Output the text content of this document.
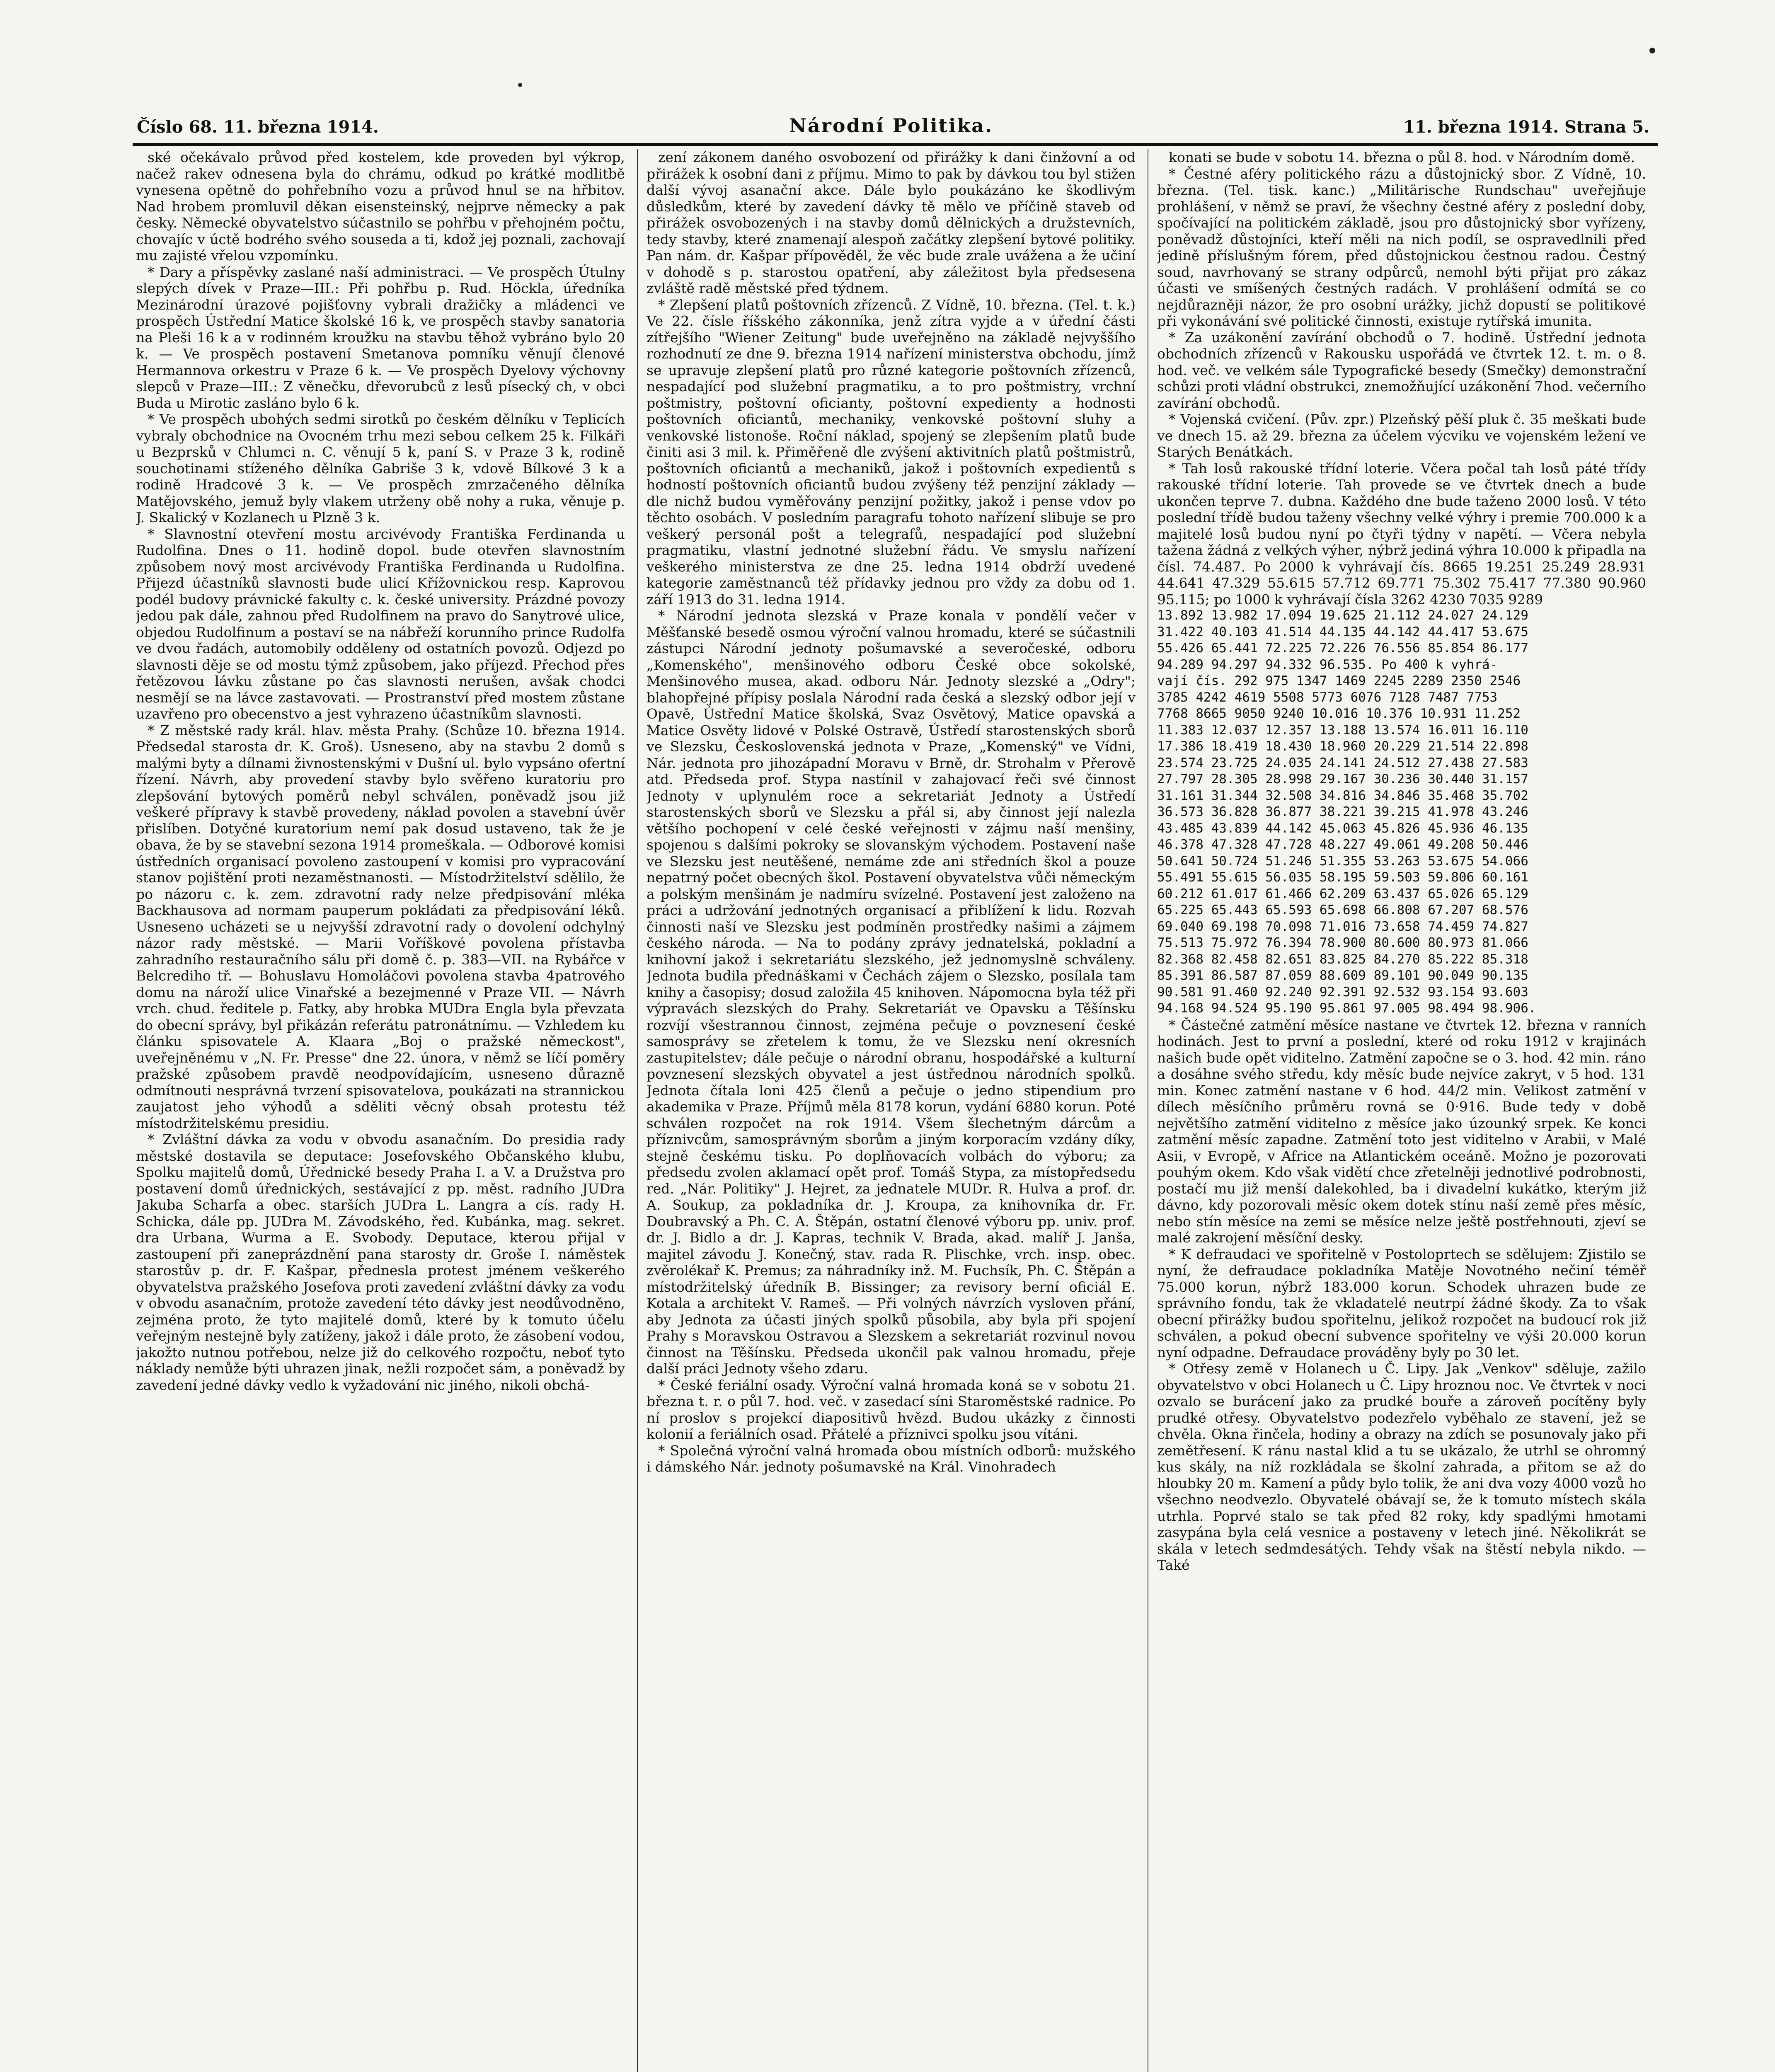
Číslo 68. 11. března 1914.	Národní Politika.	11. března 1914. Strana 5.

ské očekávalo průvod před kostelem, kde proveden byl výkrop, načež rakev odnesena byla do chrámu, odkud po krátké modlitbě vynesena opětně do pohřebního vozu a průvod hnul se na hřbitov. Nad hrobem promluvil děkan eisensteinský, nejprve německy a pak česky. Německé obyvatelstvo súčastnilo se pohřbu v přehojném počtu, chovajíc v úctě bodrého svého souseda a ti, kdož jej poznali, zachovají mu zajisté vřelou vzpomínku.

* Dary a příspěvky zaslané naší administraci. — Ve prospěch Útulny slepých dívek v Praze—III.: Při pohřbu p. Rud. Höckla, úředníka Mezinárodní úrazové pojišťovny vybrali dražičky a mládenci ve prospěch Ústřední Matice školské 16 k, ve prospěch stavby sanatoria na Pleši 16 k a v rodinném kroužku na stavbu těhož vybráno bylo 20 k. — Ve prospěch postavení Smetanova pomníku věnují členové Hermannova orkestru v Praze 6 k. — Ve prospěch Dyelovy výchovny slepců v Praze—III.: Z věnečku, dřevorubců z lesů písecký ch, v obci Buda u Mirotic zasláno bylo 6 k.

* Ve prospěch ubohých sedmi sirotků po českém dělníku v Teplicích vybraly obchodnice na Ovocném trhu mezi sebou celkem 25 k. Filkáři u Bezprsků v Chlumci n. C. věnují 5 k, paní S. v Praze 3 k, rodině souchotinami stíženého dělníka Gabriše 3 k, vdově Bílkové 3 k a rodině Hradcové 3 k. — Ve prospěch zmrzačeného dělníka Matějovského, jemuž byly vlakem utrženy obě nohy a ruka, věnuje p. J. Skalický v Kozlanech u Plzně 3 k.

* Slavnostní otevření mostu arcivévody Františka Ferdinanda u Rudolfina. Dnes o 11. hodině dopol. bude otevřen slavnostním způsobem nový most arcivévody Františka Ferdinanda u Rudolfina. Přijezd účastníků slavnosti bude ulicí Křížovnickou resp. Kaprovou podél budovy právnické fakulty c. k. české university. Prázdné povozy jedou pak dále, zahnou před Rudolfinem na pravo do Sanytrové ulice, objedou Rudolfinum a postaví se na nábřeží korunního prince Rudolfa ve dvou řadách, automobily odděleny od ostatních povozů. Odjezd po slavnosti děje se od mostu týmž způsobem, jako příjezd. Přechod přes řetězovou lávku zůstane po čas slavnosti nerušen, avšak chodci nesmějí se na lávce zastavovati. — Prostranství před mostem zůstane uzavřeno pro obecenstvo a jest vyhrazeno účastníkům slavnosti.

* Z městské rady král. hlav. města Prahy. (Schůze 10. března 1914. Předsedal starosta dr. K. Groš). Usneseno, aby na stavbu 2 domů s malými byty a dílnami živnostenskými v Dušní ul. bylo vypsáno ofertní řízení. Návrh, aby provedení stavby bylo svěřeno kuratoriu pro zlepšování bytových poměrů nebyl schválen, poněvadž jsou již veškeré přípravy k stavbě provedeny, náklad povolen a stavební úvěr přislíben. Dotyčné kuratorium nemí pak dosud ustaveno, tak že je obava, že by se stavební sezona 1914 promeškala. — Odborové komisi ústředních organisací povoleno zastoupení v komisi pro vypracování stanov pojištění proti nezaměstnanosti. — Místodržitelství sdělilo, že po názoru c. k. zem. zdravotní rady nelze předpisování mléka Backhausova ad normam pauperum pokládati za předpisování léků. Usneseno ucházeti se u nejvyšší zdravotní rady o dovolení odchylný názor rady městské. — Marii Voříškové povolena přístavba zahradního restauračního sálu při domě č. p. 383—VII. na Rybářce v Belcrediho tř. — Bohuslavu Homoláčovi povolena stavba 4patrového domu na nároží ulice Vinařské a bezejmenné v Praze VII. — Návrh vrch. chud. ředitele p. Fatky, aby hrobka MUDra Engla byla převzata do obecní správy, byl přikázán referátu patronátnímu. — Vzhledem ku článku spisovatele A. Klaara „Boj o pražské německost", uveřejněnému v „N. Fr. Presse" dne 22. února, v němž se líčí poměry pražské způsobem pravdě neodpovídajícím, usneseno důrazně odmítnouti nesprávná tvrzení spisovatelova, poukázati na strannickou zaujatost jeho výhodů a sděliti věcný obsah protestu též místodržitelskému presidiu.

* Zvláštní dávka za vodu v obvodu asanačním. Do presidia rady městské dostavila se deputace: Josefovského Občanského klubu, Spolku majitelů domů, Úřednické besedy Praha I. a V. a Družstva pro postavení domů úřednických, sestávající z pp. měst. radního JUDra Jakuba Scharfa a obec. starších JUDra L. Langra a cís. rady H. Schicka, dále pp. JUDra M. Závodského, řed. Kubánka, mag. sekret. dra Urbana, Wurma a E. Svobody. Deputace, kterou přijal v zastoupení při zaneprázdnění pana starosty dr. Groše I. náměstek starostův p. dr. F. Kašpar, přednesla protest jménem veškerého obyvatelstva pražského Josefova proti zavedení zvláštní dávky za vodu v obvodu asanačním, protože zavedení této dávky jest neodůvodněno, zejména proto, že tyto majitelé domů, které by k tomuto účelu veřejným nestejně byly zatíženy, jakož i dále proto, že zásobení vodou, jakožto nutnou potřebou, nelze již do celkového rozpočtu, neboť tyto náklady nemůže býti uhrazen jinak, nežli rozpočet sám, a poněvadž by zavedení jedné dávky vedlo k vyžadování nic jiného, nikoli obchá-

zení zákonem daného osvobození od přirážky k dani činžovní a od přirážek k osobní dani z příjmu. Mimo to pak by dávkou tou byl stižen další vývoj asanační akce. Dále bylo poukázáno ke škodlivým důsledkům, které by zavedení dávky tě mělo ve příčině staveb od přirážek osvobozených i na stavby domů dělnických a družstevních, tedy stavby, které znamenají alespoň začátky zlepšení bytové politiky. Pan nám. dr. Kašpar přípověděl, že věc bude zrale uvážena a že učiní v dohodě s p. starostou opatření, aby záležitost byla předsesena zvláště radě městské před týdnem.

* Zlepšení platů poštovních zřízenců. Z Vídně, 10. března. (Tel. t. k.) Ve 22. čísle říšského zákonníka, jenž zítra vyjde a v úřední části zítřejšího "Wiener Zeitung" bude uveřejněno na základě nejvyššího rozhodnutí ze dne 9. března 1914 nařízení ministerstva obchodu, jímž se upravuje zlepšení platů pro různé kategorie poštovních zřízenců, nespadající pod služební pragmatiku, a to pro poštmistry, vrchní poštmistry, poštovní oficianty, poštovní expedienty a hodnosti poštovních oficiantů, mechaniky, venkovské poštovní sluhy a venkovské listonoše. Roční náklad, spojený se zlepšením platů bude činiti asi 3 mil. k. Přiměřeně dle zvýšení aktivitních platů poštmistrů, poštovních oficiantů a mechaniků, jakož i poštovních expedientů s hodností poštovních oficiantů budou zvýšeny též penzijní základy — dle nichž budou vyměřovány penzijní požitky, jakož i pense vdov po těchto osobách. V posledním paragrafu tohoto nařízení slibuje se pro veškerý personál pošt a telegrafů, nespadající pod služební pragmatiku, vlastní jednotné služební řádu. Ve smyslu nařízení veškerého ministerstva ze dne 25. ledna 1914 obdrží uvedené kategorie zaměstnanců též přídavky jednou pro vždy za dobu od 1. září 1913 do 31. ledna 1914.

* Národní jednota slezská v Praze konala v pondělí večer v Měšťanské besedě osmou výroční valnou hromadu, které se súčastnili zástupci Národní jednoty pošumavské a severočeské, odboru „Komenského", menšinového odboru České obce sokolské, Menšinového musea, akad. odboru Nár. Jednoty slezské a „Odry"; blahopřejné přípisy poslala Národní rada česká a slezský odbor její v Opavě, Ústřední Matice školská, Svaz Osvětový, Matice opavská a Matice Osvěty lidové v Polské Ostravě, Ústředí starostenských sborů ve Slezsku, Československá jednota v Praze, „Komenský" ve Vídni, Nár. jednota pro jihozápadní Moravu v Brně, dr. Strohalm v Přerově atd. Předseda prof. Stypa nastínil v zahajovací řeči své činnost Jednoty v uplynulém roce a sekretariát Jednoty a Ústředí starostenských sborů ve Slezsku a přál si, aby činnost její nalezla většího pochopení v celé české veřejnosti v zájmu naší menšiny, spojenou s dalšími pokroky se slovanským východem. Postavení naše ve Slezsku jest neutěšené, nemáme zde ani středních škol a pouze nepatrný počet obecných škol. Postavení obyvatelstva vůči německým a polským menšinám je nadmíru svízelné. Postavení jest založeno na práci a udržování jednotných organisací a přiblížení k lidu. Rozvah činnosti naší ve Slezsku jest podmíněn prostředky našimi a zájmem českého národa. — Na to podány zprávy jednatelská, pokladní a knihovní jakož i sekretariátu slezského, jež jednomyslně schváleny. Jednota budila přednáškami v Čechách zájem o Slezsko, posílala tam knihy a časopisy; dosud založila 45 knihoven. Nápomocna byla též při výpravách slezských do Prahy. Sekretariát ve Opavsku a Těšínsku rozvíjí všestrannou činnost, zejména pečuje o povznesení české samosprávy se zřetelem k tomu, že ve Slezsku není okresních zastupitelstev; dále pečuje o národní obranu, hospodářské a kulturní povznesení slezských obyvatel a jest ústřednou národních spolků. Jednota čítala loni 425 členů a pečuje o jedno stipendium pro akademika v Praze. Příjmů měla 8178 korun, vydání 6880 korun. Poté schválen rozpočet na rok 1914. Všem šlechetným dárcům a příznivcům, samosprávným sborům a jiným korporacím vzdány díky, stejně českému tisku. Po doplňovacích volbách do výboru; za předsedu zvolen aklamací opět prof. Tomáš Stypa, za místopředsedu red. „Nár. Politiky" J. Hejret, za jednatele MUDr. R. Hulva a prof. dr. A. Soukup, za pokladníka dr. J. Kroupa, za knihovníka dr. Fr. Doubravský a Ph. C. A. Štěpán, ostatní členové výboru pp. univ. prof. dr. J. Bidlo a dr. J. Kapras, technik V. Brada, akad. malíř J. Janša, majitel závodu J. Konečný, stav. rada R. Plischke, vrch. insp. obec. zvěrolékař K. Premus; za náhradníky inž. M. Fuchsík, Ph. C. Štěpán a místodržitelský úředník B. Bissinger; za revisory berní oficiál E. Kotala a architekt V. Rameš. — Při volných návrzích vysloven přání, aby Jednota za účasti jiných spolků působila, aby byla při spojení Prahy s Moravskou Ostravou a Slezskem a sekretariát rozvinul novou činnost na Těšínsku. Předseda ukončil pak valnou hromadu, přeje další práci Jednoty všeho zdaru.

* České feriální osady. Výroční valná hromada koná se v sobotu 21. března t. r. o půl 7. hod. več. v zasedací síni Staroměstské radnice. Po ní proslov s projekcí diapositivů hvězd. Budou ukázky z činnosti kolonií a feriálních osad. Přátelé a příznivci spolku jsou vítáni.

* Společná výroční valná hromada obou místních odborů: mužského i dámského Nár. jednoty pošumavské na Král. Vinohradech

konati se bude v sobotu 14. března o půl 8. hod. v Národním domě.

* Čestné aféry politického rázu a důstojnický sbor. Z Vídně, 10. března. (Tel. tisk. kanc.) „Militärische Rundschau" uveřejňuje prohlášení, v němž se praví, že všechny čestné aféry z poslední doby, spočívající na politickém základě, jsou pro důstojnický sbor vyřízeny, poněvadž důstojníci, kteří měli na nich podíl, se ospravedlnili před jedině příslušným fórem, před důstojnickou čestnou radou. Čestný soud, navrhovaný se strany odpůrců, nemohl býti přijat pro zákaz účasti ve smíšených čestných radách. V prohlášení odmítá se co nejdůrazněji názor, že pro osobní urážky, jichž dopustí se politikové při vykonávání své politické činnosti, existuje rytířská imunita.

* Za uzákonění zavírání obchodů o 7. hodině. Ústřední jednota obchodních zřízenců v Rakousku uspořádá ve čtvrtek 12. t. m. o 8. hod. več. ve velkém sále Typografické besedy (Smečky) demonstrační schůzi proti vládní obstrukci, znemožňující uzákonění 7hod. večerního zavírání obchodů.

* Vojenská cvičení. (Pův. zpr.) Plzeňský pěší pluk č. 35 meškati bude ve dnech 15. až 29. března za účelem výcviku ve vojenském ležení ve Starých Benátkách.

* Tah losů rakouské třídní loterie. Včera počal tah losů páté třídy rakouské třídní loterie. Tah provede se ve čtvrtek dnech a bude ukončen teprve 7. dubna. Každého dne bude taženo 2000 losů. V této poslední třídě budou taženy všechny velké výhry i premie 700.000 k a majitelé losů budou nyní po čtyři týdny v napětí. — Včera nebyla tažena žádná z velkých výher, nýbrž jediná výhra 10.000 k připadla na čísl. 74.487. Po 2000 k vyhrávají čís. 8665 19.251 25.249 28.931 44.641 47.329 55.615 57.712 69.771 75.302 75.417 77.380 90.960 95.115; po 1000 k vyhrávají čísla 3262 4230 7035 9289

13.892 13.982 17.094 19.625 21.112 24.027 24.129
31.422 40.103 41.514 44.135 44.142 44.417 53.675
55.426 65.441 72.225 72.226 76.556 85.854 86.177
94.289 94.297 94.332 96.535. Po 400 k vyhrá-
vají čís. 292 975 1347 1469 2245 2289 2350 2546
3785 4242 4619 5508 5773 6076 7128 7487 7753
7768 8665 9050 9240 10.016 10.376 10.931 11.252
11.383 12.037 12.357 13.188 13.574 16.011 16.110
17.386 18.419 18.430 18.960 20.229 21.514 22.898
23.574 23.725 24.035 24.141 24.512 27.438 27.583
27.797 28.305 28.998 29.167 30.236 30.440 31.157
31.161 31.344 32.508 34.816 34.846 35.468 35.702
36.573 36.828 36.877 38.221 39.215 41.978 43.246
43.485 43.839 44.142 45.063 45.826 45.936 46.135
46.378 47.328 47.728 48.227 49.061 49.208 50.446
50.641 50.724 51.246 51.355 53.263 53.675 54.066
55.491 55.615 56.035 58.195 59.503 59.806 60.161
60.212 61.017 61.466 62.209 63.437 65.026 65.129
65.225 65.443 65.593 65.698 66.808 67.207 68.576
69.040 69.198 70.098 71.016 73.658 74.459 74.827
75.513 75.972 76.394 78.900 80.600 80.973 81.066
82.368 82.458 82.651 83.825 84.270 85.222 85.318
85.391 86.587 87.059 88.609 89.101 90.049 90.135
90.581 91.460 92.240 92.391 92.532 93.154 93.603
94.168 94.524 95.190 95.861 97.005 98.494 98.906.

* Částečné zatmění měsíce nastane ve čtvrtek 12. března v ranních hodinách. Jest to první a poslední, které od roku 1912 v krajinách našich bude opět viditelno. Zatmění započne se o 3. hod. 42 min. ráno a dosáhne svého středu, kdy měsíc bude nejvíce zakryt, v 5 hod. 131 min. Konec zatmění nastane v 6 hod. 44/2 min. Velikost zatmění v dílech měsíčního průměru rovná se 0·916. Bude tedy v době největšího zatmění viditelno z měsíce jako úzounký srpek. Ke konci zatmění měsíc zapadne. Zatmění toto jest viditelno v Arabii, v Malé Asii, v Evropě, v Africe na Atlantickém oceáně. Možno je pozorovati pouhým okem. Kdo však vidětí chce zřetelněji jednotlivé podrobnosti, postačí mu již menší dalekohled, ba i divadelní kukátko, kterým již dávno, kdy pozorovali měsíc okem dotek stínu naší země přes měsíc, nebo stín měsíce na zemi se měsíce nelze ještě postřehnouti, zjeví se malé zakrojení měsíční desky.

* K defraudaci ve spořitelně v Postoloprtech se sdělujem: Zjistilo se nyní, že defraudace pokladníka Matěje Novotného nečiní téměř 75.000 korun, nýbrž 183.000 korun. Schodek uhrazen bude ze správního fondu, tak že vkladatelé neutrpí žádné škody. Za to však obecní přirážky budou spořitelnu, jelikož rozpočet na budoucí rok již schválen, a pokud obecní subvence spořitelny ve výši 20.000 korun nyní odpadne. Defraudace prováděny byly po 30 let.

* Otřesy země v Holanech u Č. Lipy. Jak „Venkov" sděluje, zažilo obyvatelstvo v obci Holanech u Č. Lipy hroznou noc. Ve čtvrtek v noci ozvalo se burácení jako za prudké bouře a zároveň pocítěny byly prudké otřesy. Obyvatelstvo podezřelo vyběhalo ze stavení, jež se chvěla. Okna řinčela, hodiny a obrazy na zdích se posunovaly jako při zemětřesení. K ránu nastal klid a tu se ukázalo, že utrhl se ohromný kus skály, na níž rozkládala se školní zahrada, a přitom se až do hloubky 20 m. Kamení a půdy bylo tolik, že ani dva vozy 4000 vozů ho všechno neodvezlo. Obyvatelé obávají se, že k tomuto místech skála utrhla. Poprvé stalo se tak před 82 roky, kdy spadlými hmotami zasypána byla celá vesnice a postaveny v letech jiné. Několikrát se skála v letech sedmdesátých. Tehdy však na štěstí nebyla nikdo. — Také
